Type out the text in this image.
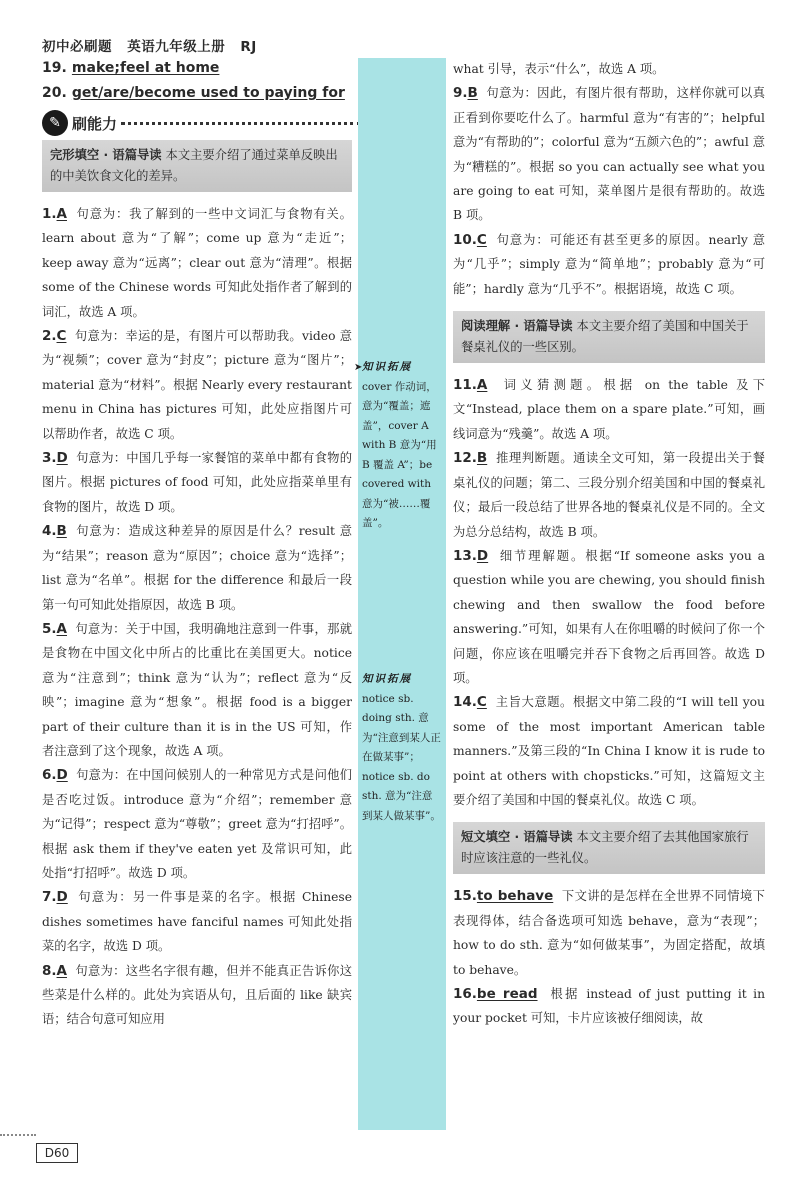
初中必刷题 英语九年级上册 RJ
19. make;feel at home
20. get/are/become used to paying for
✎ 刷能力
➤ 知识拓展
cover 作动词，意为“覆盖；遮盖”，cover A with B 意为“用 B 覆盖 A”；be covered with 意为“被……覆盖”。
知识拓展
notice sb. doing sth. 意为“注意到某人正在做某事”；notice sb. do sth. 意为“注意到某人做某事”。
完形填空 · 语篇导读 本文主要介绍了通过菜单反映出的中美饮食文化的差异。

1.A 句意为：我了解到的一些中文词汇与食物有关。learn about 意为“了解”；come up 意为“走近”；keep away 意为“远离”；clear out 意为“清理”。根据 some of the Chinese words 可知此处指作者了解到的词汇，故选 A 项。

2.C 句意为：幸运的是，有图片可以帮助我。video 意为“视频”；cover 意为“封皮”；picture 意为“图片”；material 意为“材料”。根据 Nearly every restaurant menu in China has pictures 可知，此处应指图片可以帮助作者，故选 C 项。

3.D 句意为：中国几乎每一家餐馆的菜单中都有食物的图片。根据 pictures of food 可知，此处应指菜单里有食物的图片，故选 D 项。

4.B 句意为：造成这种差异的原因是什么？result 意为“结果”；reason 意为“原因”；choice 意为“选择”；list 意为“名单”。根据 for the difference 和最后一段第一句可知此处指原因，故选 B 项。

5.A 句意为：关于中国，我明确地注意到一件事，那就是食物在中国文化中所占的比重比在美国更大。notice 意为“注意到”；think 意为“认为”；reflect 意为“反映”；imagine 意为“想象”。根据 food is a bigger part of their culture than it is in the US 可知，作者注意到了这个现象，故选 A 项。

6.D 句意为：在中国问候别人的一种常见方式是问他们是否吃过饭。introduce 意为“介绍”；remember 意为“记得”；respect 意为“尊敬”；greet 意为“打招呼”。根据 ask them if they've eaten yet 及常识可知，此处指“打招呼”。故选 D 项。

7.D 句意为：另一件事是菜的名字。根据 Chinese dishes sometimes have fanciful names 可知此处指菜的名字，故选 D 项。

8.A 句意为：这些名字很有趣，但并不能真正告诉你这些菜是什么样的。此处为宾语从句，且后面的 like 缺宾语；结合句意可知应用

what 引导，表示“什么”，故选 A 项。

9.B 句意为：因此，有图片很有帮助，这样你就可以真正看到你要吃什么了。harmful 意为“有害的”；helpful 意为“有帮助的”；colorful 意为“五颜六色的”；awful 意为“糟糕的”。根据 so you can actually see what you are going to eat 可知，菜单图片是很有帮助的。故选 B 项。

10.C 句意为：可能还有甚至更多的原因。nearly 意为“几乎”；simply 意为“简单地”；probably 意为“可能”；hardly 意为“几乎不”。根据语境，故选 C 项。

阅读理解 · 语篇导读 本文主要介绍了美国和中国关于餐桌礼仪的一些区别。

11.A 词义猜测题。根据 on the table 及下文“Instead, place them on a spare plate.”可知，画线词意为“残羹”。故选 A 项。

12.B 推理判断题。通读全文可知，第一段提出关于餐桌礼仪的问题；第二、三段分别介绍美国和中国的餐桌礼仪；最后一段总结了世界各地的餐桌礼仪是不同的。全文为总分总结构，故选 B 项。

13.D 细节理解题。根据“If someone asks you a question while you are chewing, you should finish chewing and then swallow the food before answering.”可知，如果有人在你咀嚼的时候问了你一个问题，你应该在咀嚼完并吞下食物之后再回答。故选 D 项。

14.C 主旨大意题。根据文中第二段的“I will tell you some of the most important American table manners.”及第三段的“In China I know it is rude to point at others with chopsticks.”可知，这篇短文主要介绍了美国和中国的餐桌礼仪。故选 C 项。

短文填空 · 语篇导读 本文主要介绍了去其他国家旅行时应该注意的一些礼仪。

15.to behave 下文讲的是怎样在全世界不同情境下表现得体，结合备选项可知选 behave，意为“表现”；how to do sth. 意为“如何做某事”，为固定搭配，故填 to behave。

16.be read 根据 instead of just putting it in your pocket 可知，卡片应该被仔细阅读，故

D60
